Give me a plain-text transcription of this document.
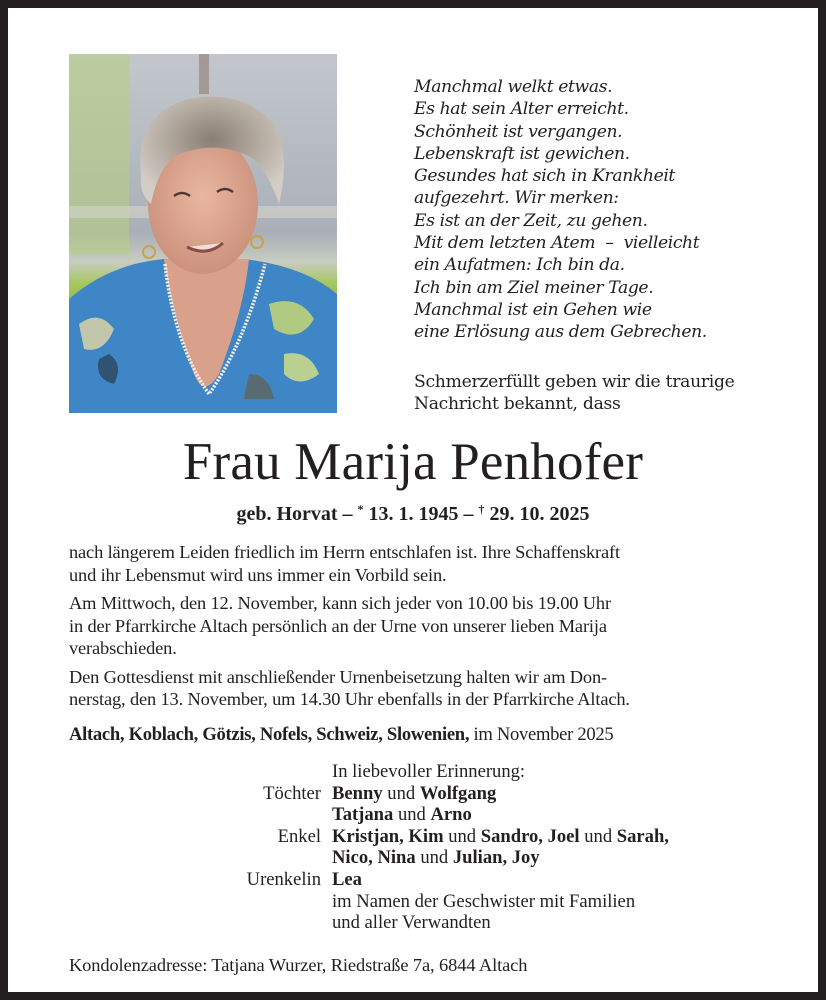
Manchmal welkt etwas.
Es hat sein Alter erreicht.
Schönheit ist vergangen.
Lebenskraft ist gewichen.
Gesundes hat sich in Krankheit
aufgezehrt. Wir merken:
Es ist an der Zeit, zu gehen.
Mit dem letzten Atem  –  vielleicht
ein Aufatmen: Ich bin da.
Ich bin am Ziel meiner Tage.
Manchmal ist ein Gehen wie
eine Erlösung aus dem Gebrechen.
Schmerzerfüllt geben wir die traurige
Nachricht bekannt, dass
Frau Marija Penhofer
geb. Horvat – * 13. 1. 1945 – † 29. 10. 2025
nach längerem Leiden friedlich im Herrn entschlafen ist. Ihre Schaffenskraft
und ihr Lebensmut wird uns immer ein Vorbild sein.
Am Mittwoch, den 12. November, kann sich jeder von 10.00 bis 19.00 Uhr
in der Pfarrkirche Altach persönlich an der Urne von unserer lieben Marija
verabschieden.
Den Gottesdienst mit anschließender Urnenbeisetzung halten wir am Don-
nerstag, den 13. November, um 14.30 Uhr ebenfalls in der Pfarrkirche Altach.
Altach, Koblach, Götzis, Nofels, Schweiz, Slowenien, im November 2025
In liebevoller Erinnerung:
Töchter Benny und Wolfgang
Tatjana und Arno
Enkel Kristjan, Kim und Sandro, Joel und Sarah,
Nico, Nina und Julian, Joy
Urenkelin Lea
im Namen der Geschwister mit Familien
und aller Verwandten
Kondolenzadresse: Tatjana Wurzer, Riedstraße 7a, 6844 Altach
